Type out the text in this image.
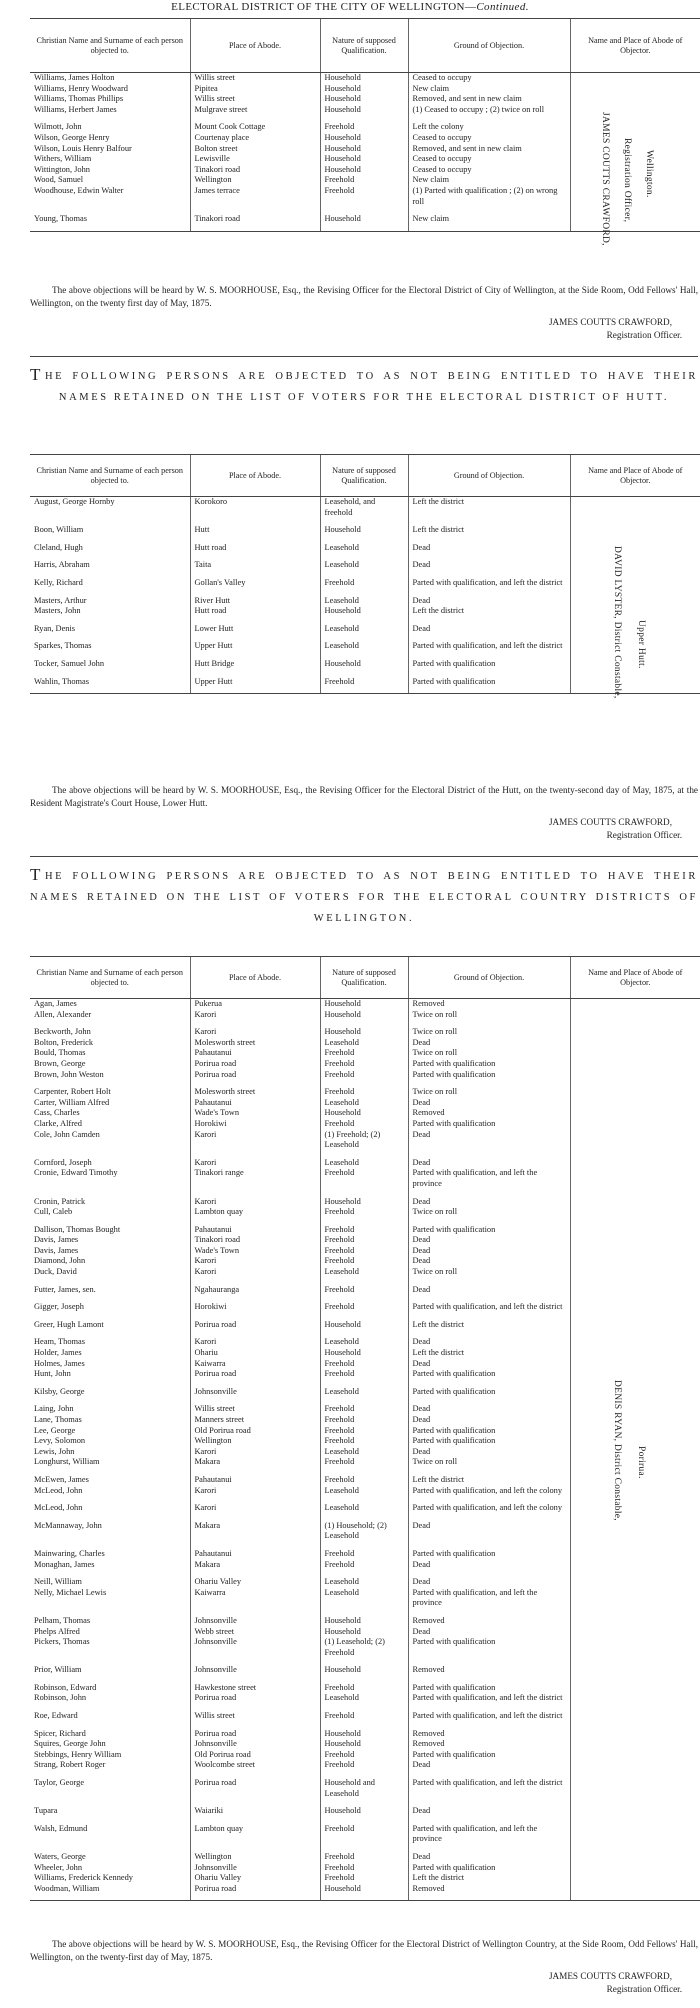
ELECTORAL DISTRICT OF THE CITY OF WELLINGTON—Continued.
Christian Name and Surname of each person objected to.	Place of Abode.	Nature of supposed Qualification.	Ground of Objection.	Name and Place of Abode of Objector.
Williams, James Holton	Willis street	Household	Ceased to occupy	
Williams, Henry Woodward	Pipitea	Household	New claim	
Williams, Thomas Phillips	Willis street	Household	Removed, and sent in new claim	
Williams, Herbert James	Mulgrave street	Household	(1) Ceased to occupy ; (2) twice on roll	
Wilmott, John	Mount Cook Cottage	Freehold	Left the colony	
Wilson, George Henry	Courtenay place	Household	Ceased to occupy	
Wilson, Louis Henry Balfour	Bolton street	Household	Removed, and sent in new claim	
Withers, William	Lewisville	Household	Ceased to occupy	
Wittington, John	Tinakori road	Household	Ceased to occupy	
Wood, Samuel	Wellington	Freehold	New claim	
Woodhouse, Edwin Walter	James terrace	Freehold	(1) Parted with qualification ; (2) on wrong roll	
Young, Thomas	Tinakori road	Household	New claim		JAMES COUTTS CRAWFORD, Registration Officer, Wellington.

The above objections will be heard by W. S. MOORHOUSE, Esq., the Revising Officer for the Electoral District of City of Wellington, at the Side Room, Odd Fellows' Hall, Wellington, on the twenty first day of May, 1875.

JAMES COUTTS CRAWFORD,
Registration Officer.

THE FOLLOWING PERSONS ARE OBJECTED TO AS NOT BEING ENTITLED TO HAVE THEIR NAMES RETAINED ON THE LIST OF VOTERS FOR THE ELECTORAL DISTRICT OF HUTT.

Christian Name and Surname of each person objected to.	Place of Abode.	Nature of supposed Qualification.	Ground of Objection.	Name and Place of Abode of Objector.
August, George Hornby	Korokoro	Leasehold, and freehold	Left the district	
Boon, William	Hutt	Household	Left the district	
Cleland, Hugh	Hutt road	Leasehold	Dead	
Harris, Abraham	Taita	Leasehold	Dead	
Kelly, Richard	Gollan's Valley	Freehold	Parted with qualification, and left the district	
Masters, Arthur	River Hutt	Leasehold	Dead	
Masters, John	Hutt road	Household	Left the district	
Ryan, Denis	Lower Hutt	Leasehold	Dead	
Sparkes, Thomas	Upper Hutt	Leasehold	Parted with qualification, and left the district	
Tocker, Samuel John	Hutt Bridge	Household	Parted with qualification	
Wahlin, Thomas	Upper Hutt	Freehold	Parted with qualification		DAVID LYSTER, District Constable, Upper Hutt.

The above objections will be heard by W. S. MOORHOUSE, Esq., the Revising Officer for the Electoral District of the Hutt, on the twenty-second day of May, 1875, at the Resident Magistrate's Court House, Lower Hutt.

JAMES COUTTS CRAWFORD,
Registration Officer.

THE FOLLOWING PERSONS ARE OBJECTED TO AS NOT BEING ENTITLED TO HAVE THEIR NAMES RETAINED ON THE LIST OF VOTERS FOR THE ELECTORAL COUNTRY DISTRICTS OF WELLINGTON.

Christian Name and Surname of each person objected to.	Place of Abode.	Nature of supposed Qualification.	Ground of Objection.	Name and Place of Abode of Objector.
Agan, James	Pukerua	Household	Removed	
Allen, Alexander	Karori	Household	Twice on roll	
Beckworth, John	Karori	Household	Twice on roll	
Bolton, Frederick	Molesworth street	Leasehold	Dead	
Bould, Thomas	Pahautanui	Freehold	Twice on roll	
Brown, George	Porirua road	Freehold	Parted with qualification	
Brown, John Weston	Porirua road	Freehold	Parted with qualification	
Carpenter, Robert Holt	Molesworth street	Freehold	Twice on roll	
Carter, William Alfred	Pahautanui	Leasehold	Dead	
Cass, Charles	Wade's Town	Household	Removed	
Clarke, Alfred	Horokiwi	Freehold	Parted with qualification	
Cole, John Camden	Karori	(1) Freehold; (2) Leasehold	Dead	
Cornford, Joseph	Karori	Leasehold	Dead	
Cronie, Edward Timothy	Tinakori range	Freehold	Parted with qualification, and left the province	
Cronin, Patrick	Karori	Household	Dead	
Cull, Caleb	Lambton quay	Freehold	Twice on roll	
Dallison, Thomas Bought	Pahautanui	Freehold	Parted with qualification	
Davis, James	Tinakori road	Freehold	Dead	
Davis, James	Wade's Town	Freehold	Dead	
Diamond, John	Karori	Freehold	Dead	
Duck, David	Karori	Leasehold	Twice on roll	
Futter, James, sen.	Ngahauranga	Freehold	Dead	
Gigger, Joseph	Horokiwi	Freehold	Parted with qualification, and left the district	
Greer, Hugh Lamont	Porirua road	Household	Left the district	
Heam, Thomas	Karori	Leasehold	Dead	
Holder, James	Ohariu	Household	Left the district	
Holmes, James	Kaiwarra	Freehold	Dead	
Hunt, John	Porirua road	Freehold	Parted with qualification	
Kilsby, George	Johnsonville	Leasehold	Parted with qualification	
Laing, John	Willis street	Freehold	Dead	
Lane, Thomas	Manners street	Freehold	Dead	
Lee, George	Old Porirua road	Freehold	Parted with qualification	
Levy, Solomon	Wellington	Freehold	Parted with qualification	
Lewis, John	Karori	Leasehold	Dead	
Longhurst, William	Makara	Freehold	Twice on roll	
McEwen, James	Pahautanui	Freehold	Left the district	
McLeod, John	Karori	Leasehold	Parted with qualification, and left the colony	
McLeod, John	Karori	Leasehold	Parted with qualification, and left the colony	
McMannaway, John	Makara	(1) Household; (2) Leasehold	Dead	
Mainwaring, Charles	Pahautanui	Freehold	Parted with qualification	
Monaghan, James	Makara	Freehold	Dead	
Neill, William	Ohariu Valley	Leasehold	Dead	
Nelly, Michael Lewis	Kaiwarra	Leasehold	Parted with qualification, and left the province	
Pelham, Thomas	Johnsonville	Household	Removed	
Phelps Alfred	Webb street	Household	Dead	
Pickers, Thomas	Johnsonville	(1) Leasehold; (2) Freehold	Parted with qualification	
Prior, William	Johnsonville	Household	Removed	
Robinson, Edward	Hawkestone street	Freehold	Parted with qualification	
Robinson, John	Porirua road	Leasehold	Parted with qualification, and left the district	
Roe, Edward	Willis street	Freehold	Parted with qualification, and left the district	
Spicer, Richard	Porirua road	Household	Removed	
Squires, George John	Johnsonville	Household	Removed	
Stebbings, Henry William	Old Porirua road	Freehold	Parted with qualification	
Strang, Robert Roger	Woolcombe street	Freehold	Dead	
Taylor, George	Porirua road	Household and Leasehold	Parted with qualification, and left the district	
Tupara	Waiariki	Household	Dead	
Walsh, Edmund	Lambton quay	Freehold	Parted with qualification, and left the province	
Waters, George	Wellington	Freehold	Dead	
Wheeler, John	Johnsonville	Freehold	Parted with qualification	
Williams, Frederick Kennedy	Ohariu Valley	Freehold	Left the district	
Woodman, William	Porirua road	Household	Removed	
DENIS RYAN, District Constable, Porirua.

The above objections will be heard by W. S. MOORHOUSE, Esq., the Revising Officer for the Electoral District of Wellington Country, at the Side Room, Odd Fellows' Hall, Wellington, on the twenty-first day of May, 1875.

JAMES COUTTS CRAWFORD,
Registration Officer.
